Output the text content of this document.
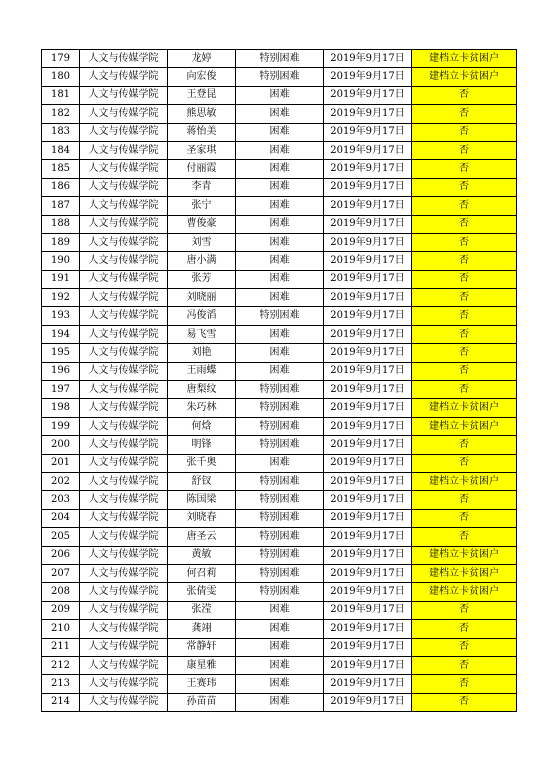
179	人文与传媒学院	龙婷	特别困难	2019年9月17日	建档立卡贫困户
180	人文与传媒学院	向宏俊	特别困难	2019年9月17日	建档立卡贫困户
181	人文与传媒学院	王登昆	困难	2019年9月17日	否
182	人文与传媒学院	熊思敏	困难	2019年9月17日	否
183	人文与传媒学院	蒋怡美	困难	2019年9月17日	否
184	人文与传媒学院	圣家琪	困难	2019年9月17日	否
185	人文与传媒学院	付丽霞	困难	2019年9月17日	否
186	人文与传媒学院	李青	困难	2019年9月17日	否
187	人文与传媒学院	张宁	困难	2019年9月17日	否
188	人文与传媒学院	曹俊豪	困难	2019年9月17日	否
189	人文与传媒学院	刘雪	困难	2019年9月17日	否
190	人文与传媒学院	唐小满	困难	2019年9月17日	否
191	人文与传媒学院	张芳	困难	2019年9月17日	否
192	人文与传媒学院	刘晓丽	困难	2019年9月17日	否
193	人文与传媒学院	冯俊滔	特别困难	2019年9月17日	否
194	人文与传媒学院	易飞雪	困难	2019年9月17日	否
195	人文与传媒学院	刘艳	困难	2019年9月17日	否
196	人文与传媒学院	王雨蝶	困难	2019年9月17日	否
197	人文与传媒学院	唐梨纹	特别困难	2019年9月17日	否
198	人文与传媒学院	朱巧林	特别困难	2019年9月17日	建档立卡贫困户
199	人文与传媒学院	何焓	特别困难	2019年9月17日	建档立卡贫困户
200	人文与传媒学院	明锋	特别困难	2019年9月17日	否
201	人文与传媒学院	张千奥	困难	2019年9月17日	否
202	人文与传媒学院	舒钗	特别困难	2019年9月17日	建档立卡贫困户
203	人文与传媒学院	陈国梁	特别困难	2019年9月17日	否
204	人文与传媒学院	刘晓春	特别困难	2019年9月17日	否
205	人文与传媒学院	唐圣云	特别困难	2019年9月17日	否
206	人文与传媒学院	黄敏	特别困难	2019年9月17日	建档立卡贫困户
207	人文与传媒学院	何召莉	特别困难	2019年9月17日	建档立卡贫困户
208	人文与传媒学院	张倩雯	特别困难	2019年9月17日	建档立卡贫困户
209	人文与传媒学院	张滢	困难	2019年9月17日	否
210	人文与传媒学院	龚翊	困难	2019年9月17日	否
211	人文与传媒学院	常静轩	困难	2019年9月17日	否
212	人文与传媒学院	康星雅	困难	2019年9月17日	否
213	人文与传媒学院	王赛玮	困难	2019年9月17日	否
214	人文与传媒学院	孙苗苗	困难	2019年9月17日	否
